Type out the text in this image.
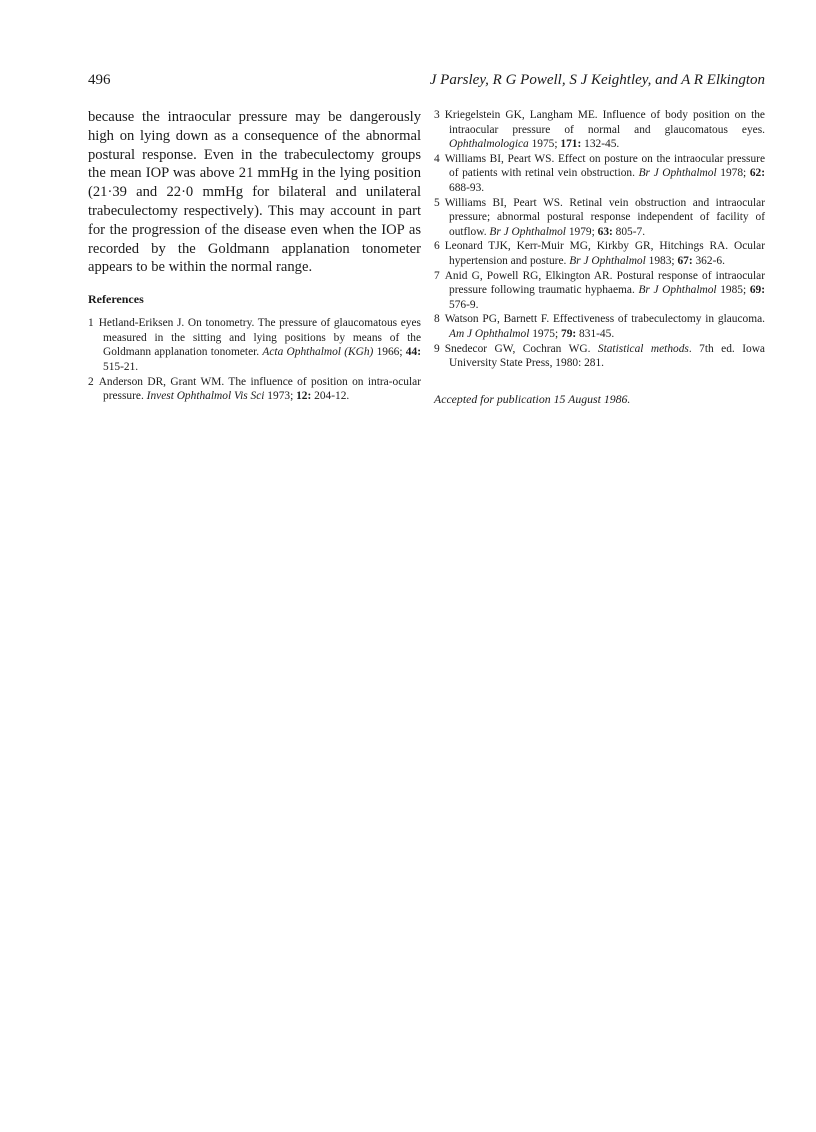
496	J Parsley, R G Powell, S J Keightley, and A R Elkington
because the intraocular pressure may be dangerously high on lying down as a consequence of the abnormal postural response. Even in the trabeculectomy groups the mean IOP was above 21 mmHg in the lying position (21·39 and 22·0 mmHg for bilateral and unilateral trabeculectomy respectively). This may account in part for the progression of the disease even when the IOP as recorded by the Goldmann applanation tonometer appears to be within the normal range.
References
1 Hetland-Eriksen J. On tonometry. The pressure of glaucomatous eyes measured in the sitting and lying positions by means of the Goldmann applanation tonometer. Acta Ophthalmol (KGh) 1966; 44: 515-21.
2 Anderson DR, Grant WM. The influence of position on intra-ocular pressure. Invest Ophthalmol Vis Sci 1973; 12: 204-12.
3 Kriegelstein GK, Langham ME. Influence of body position on the intraocular pressure of normal and glaucomatous eyes. Ophthalmologica 1975; 171: 132-45.
4 Williams BI, Peart WS. Effect on posture on the intraocular pressure of patients with retinal vein obstruction. Br J Ophthalmol 1978; 62: 688-93.
5 Williams BI, Peart WS. Retinal vein obstruction and intraocular pressure; abnormal postural response independent of facility of outflow. Br J Ophthalmol 1979; 63: 805-7.
6 Leonard TJK, Kerr-Muir MG, Kirkby GR, Hitchings RA. Ocular hypertension and posture. Br J Ophthalmol 1983; 67: 362-6.
7 Anid G, Powell RG, Elkington AR. Postural response of intraocular pressure following traumatic hyphaema. Br J Ophthalmol 1985; 69: 576-9.
8 Watson PG, Barnett F. Effectiveness of trabeculectomy in glaucoma. Am J Ophthalmol 1975; 79: 831-45.
9 Snedecor GW, Cochran WG. Statistical methods. 7th ed. Iowa University State Press, 1980: 281.
Accepted for publication 15 August 1986.
